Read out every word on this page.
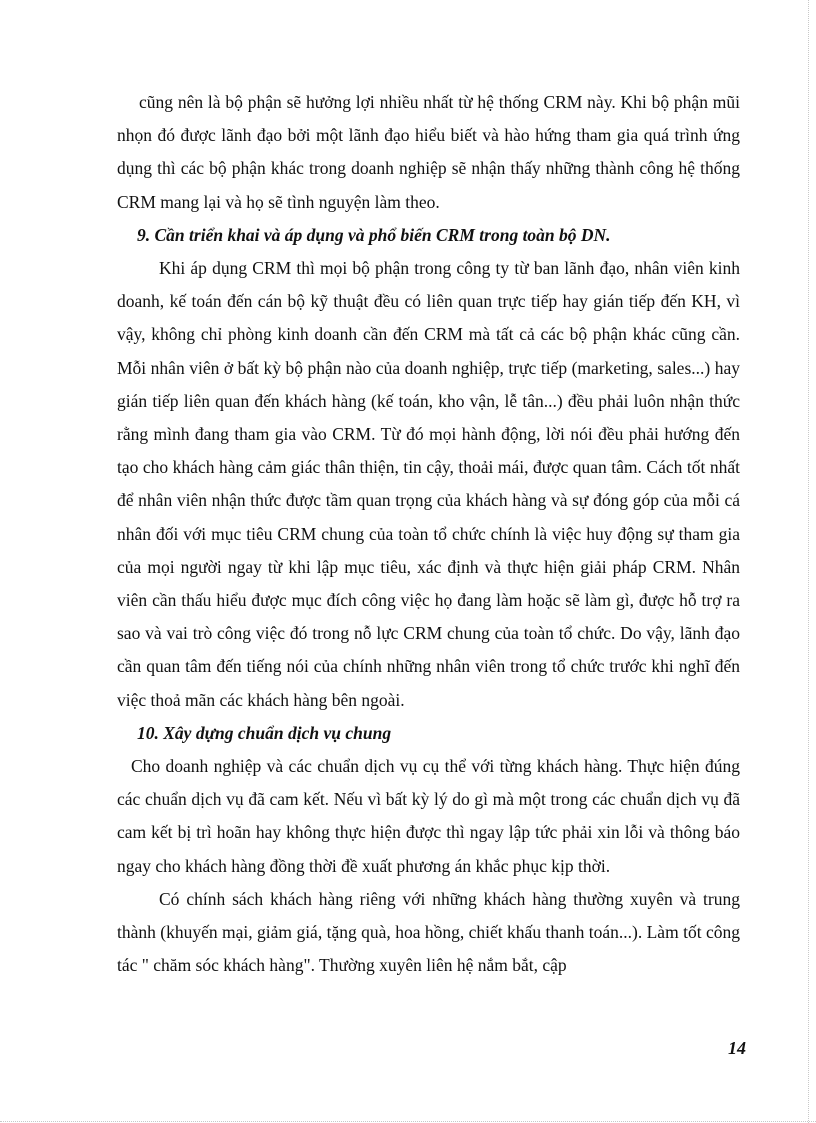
cũng nên là bộ phận sẽ hưởng lợi nhiều nhất từ hệ thống CRM này. Khi bộ phận mũi nhọn đó được lãnh đạo bởi một lãnh đạo hiểu biết và hào hứng tham gia quá trình ứng dụng thì các bộ phận khác trong doanh nghiệp sẽ nhận thấy những thành công hệ thống CRM mang lại và họ sẽ tình nguyện làm theo.

9. Cần triển khai và áp dụng và phổ biến CRM trong toàn bộ DN.

Khi áp dụng CRM thì mọi bộ phận trong công ty từ ban lãnh đạo, nhân viên kinh doanh, kế toán đến cán bộ kỹ thuật đều có liên quan trực tiếp hay gián tiếp đến KH, vì vậy, không chỉ phòng kinh doanh cần đến CRM mà tất cả các bộ phận khác cũng cần. Mỗi nhân viên ở bất kỳ bộ phận nào của doanh nghiệp, trực tiếp (marketing, sales...) hay gián tiếp liên quan đến khách hàng (kế toán, kho vận, lễ tân...) đều phải luôn nhận thức rằng mình đang tham gia vào CRM. Từ đó mọi hành động, lời nói đều phải hướng đến tạo cho khách hàng cảm giác thân thiện, tin cậy, thoải mái, được quan tâm. Cách tốt nhất để nhân viên nhận thức được tầm quan trọng của khách hàng và sự đóng góp của mỗi cá nhân đối với mục tiêu CRM chung của toàn tổ chức chính là việc huy động sự tham gia của mọi người ngay từ khi lập mục tiêu, xác định và thực hiện giải pháp CRM. Nhân viên cần thấu hiểu được mục đích công việc họ đang làm hoặc sẽ làm gì, được hỗ trợ ra sao và vai trò công việc đó trong nỗ lực CRM chung của toàn tổ chức. Do vậy, lãnh đạo cần quan tâm đến tiếng nói của chính những nhân viên trong tổ chức trước khi nghĩ đến việc thoả mãn các khách hàng bên ngoài.

10. Xây dựng chuẩn dịch vụ chung

Cho doanh nghiệp và các chuẩn dịch vụ cụ thể với từng khách hàng. Thực hiện đúng các chuẩn dịch vụ đã cam kết. Nếu vì bất kỳ lý do gì mà một trong các chuẩn dịch vụ đã cam kết bị trì hoãn hay không thực hiện được thì ngay lập tức phải xin lỗi và thông báo ngay cho khách hàng đồng thời đề xuất phương án khắc phục kịp thời.

Có chính sách khách hàng riêng với những khách hàng thường xuyên và trung thành (khuyến mại, giảm giá, tặng quà, hoa hồng, chiết khấu thanh toán...). Làm tốt công tác " chăm sóc khách hàng". Thường xuyên liên hệ nắm bắt, cập

14
